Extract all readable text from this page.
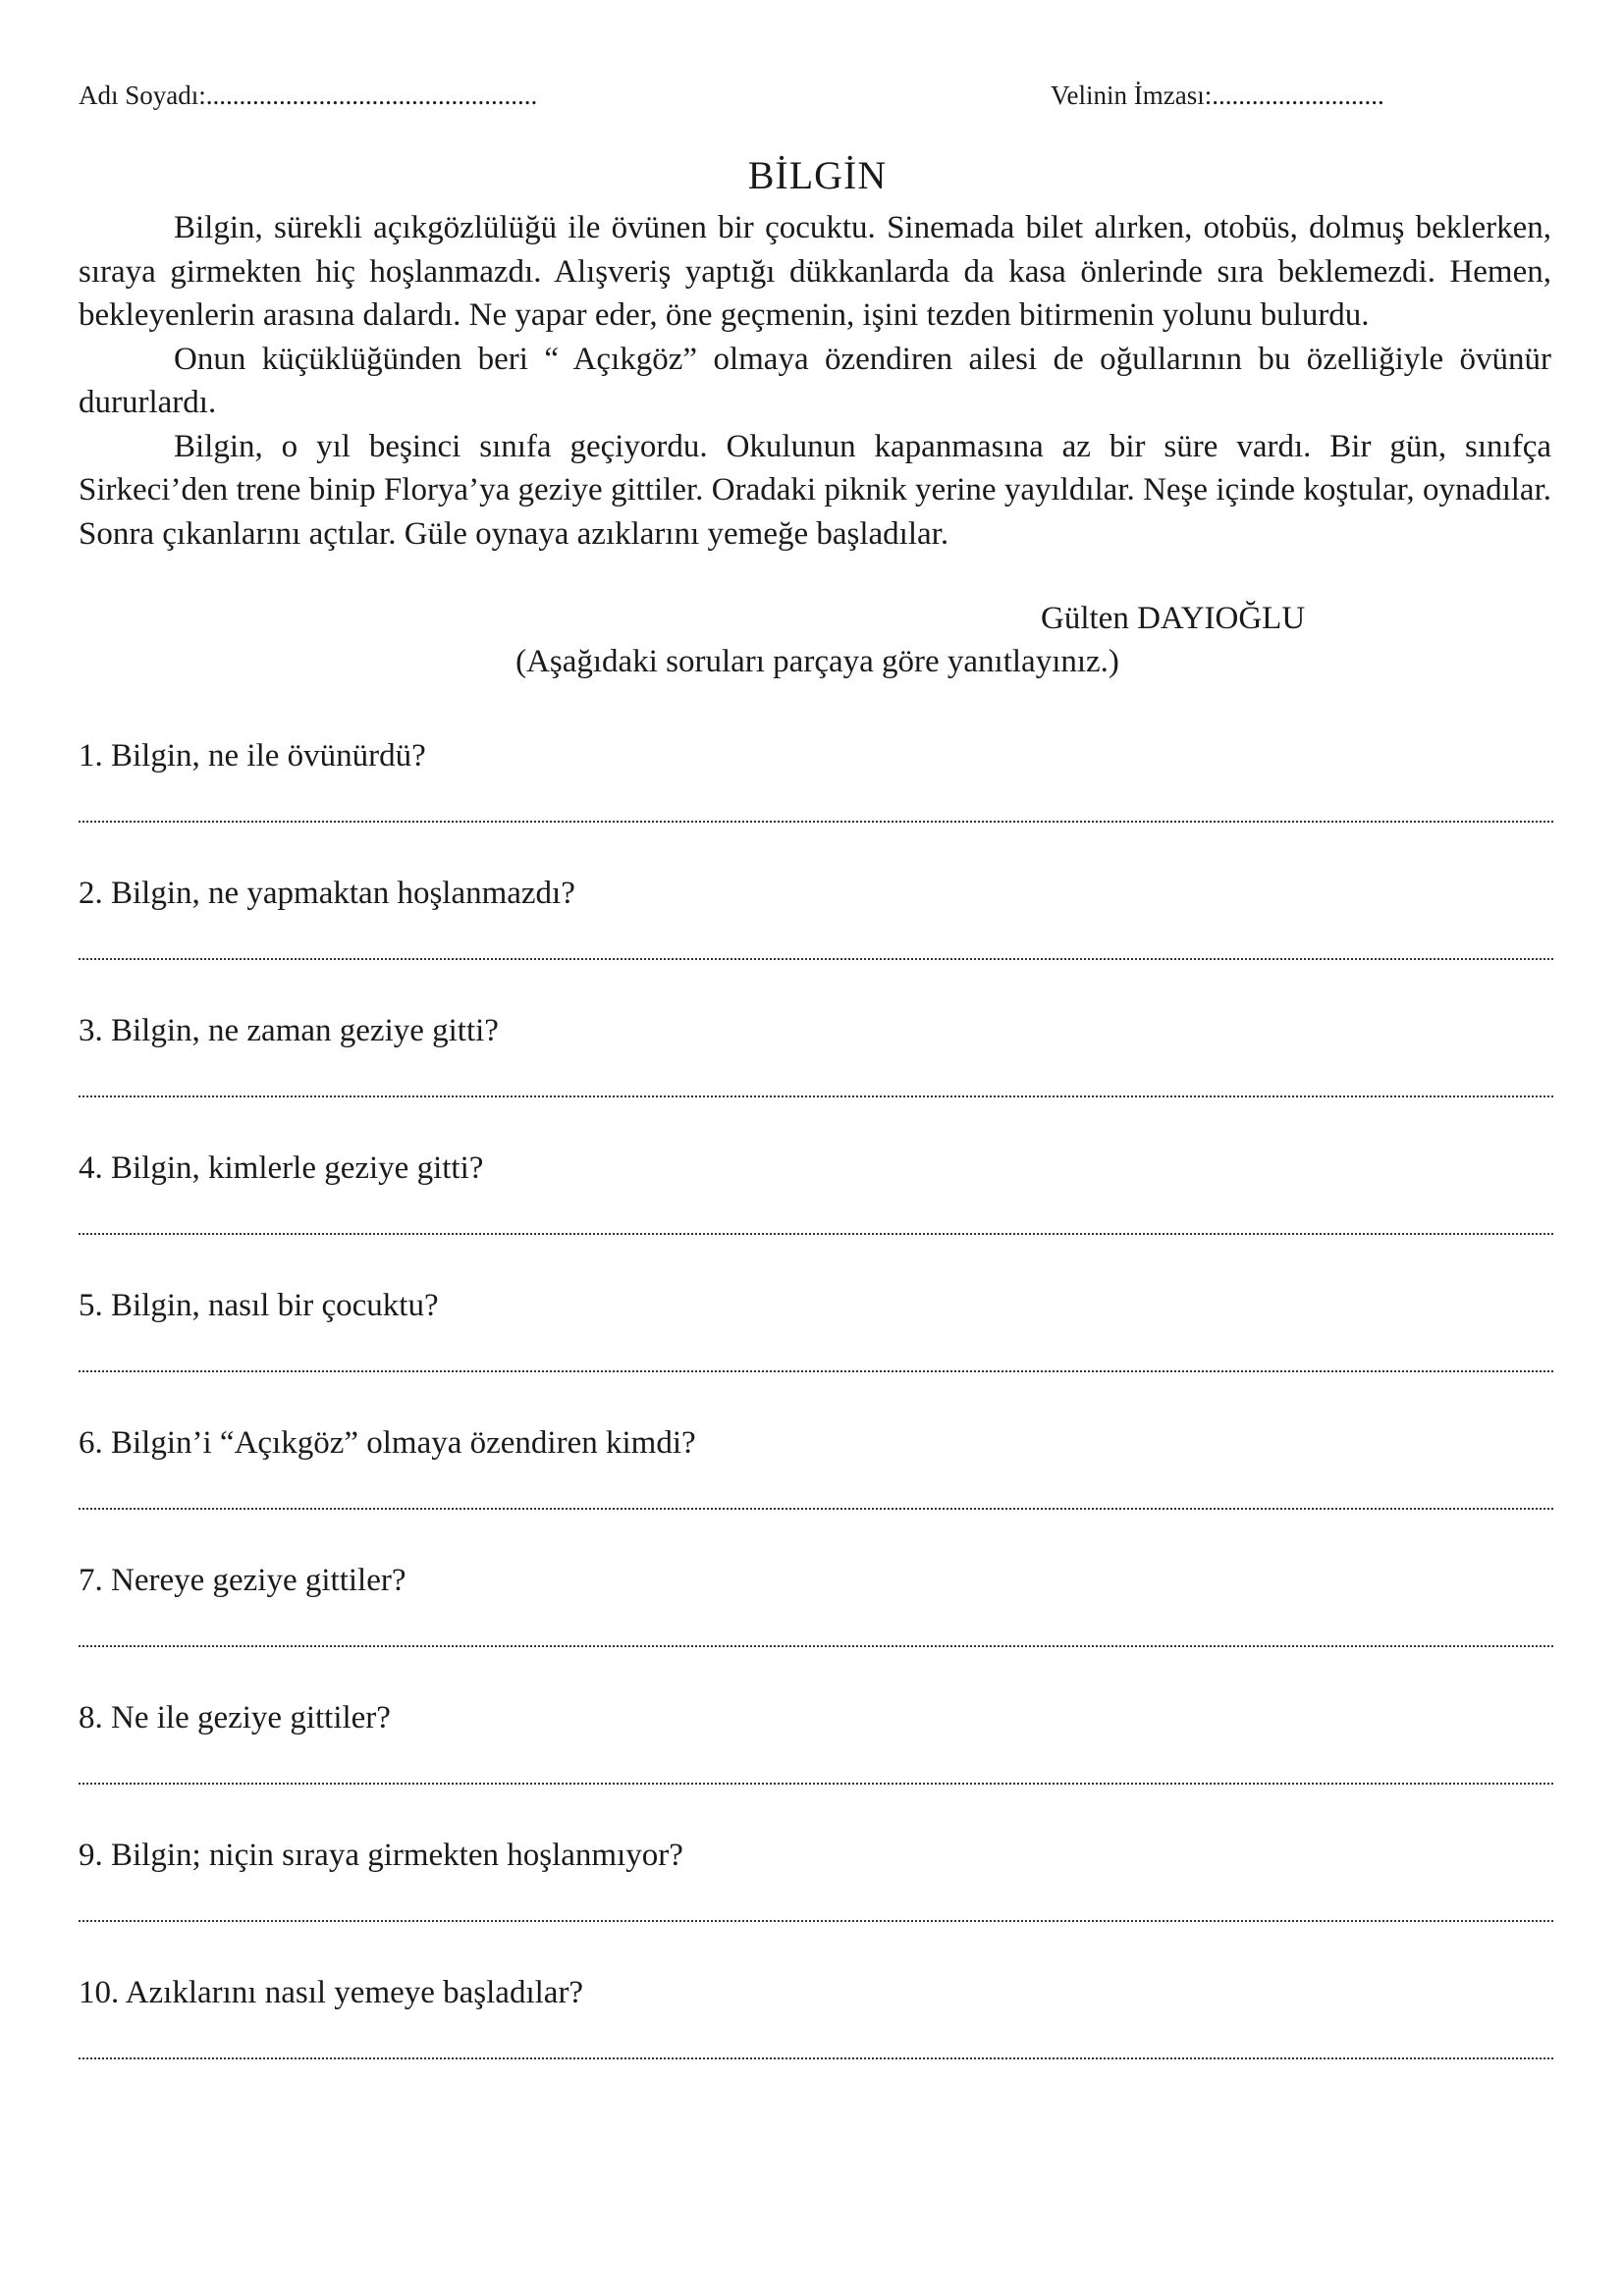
Adı Soyadı:..................................................	Velinin İmzası:..........................
BİLGİN

Bilgin, sürekli açıkgözlülüğü ile övünen bir çocuktu. Sinemada bilet alırken, otobüs, dolmuş beklerken, sıraya girmekten hiç hoşlanmazdı. Alışveriş yaptığı dükkanlarda da kasa önlerinde sıra beklemezdi. Hemen, bekleyenlerin arasına dalardı. Ne yapar eder, öne geçmenin, işini tezden bitirmenin yolunu bulurdu.

Onun küçüklüğünden beri “ Açıkgöz” olmaya özendiren ailesi de oğullarının bu özelliğiyle övünür dururlardı.

Bilgin, o yıl beşinci sınıfa geçiyordu. Okulunun kapanmasına az bir süre vardı. Bir gün, sınıfça Sirkeci’den trene binip Florya’ya geziye gittiler. Oradaki piknik yerine yayıldılar. Neşe içinde koştular, oynadılar. Sonra çıkanlarını açtılar. Güle oynaya azıklarını yemeğe başladılar.

Gülten DAYIOĞLU
(Aşağıdaki soruları parçaya göre yanıtlayınız.)
1. Bilgin, ne ile övünürdü?
2. Bilgin, ne yapmaktan hoşlanmazdı?
3. Bilgin, ne zaman geziye gitti?
4. Bilgin, kimlerle geziye gitti?
5. Bilgin, nasıl bir çocuktu?
6. Bilgin’i “Açıkgöz” olmaya özendiren kimdi?
7. Nereye geziye gittiler?
8. Ne ile geziye gittiler?
9. Bilgin; niçin sıraya girmekten hoşlanmıyor?
10. Azıklarını nasıl yemeye başladılar?
